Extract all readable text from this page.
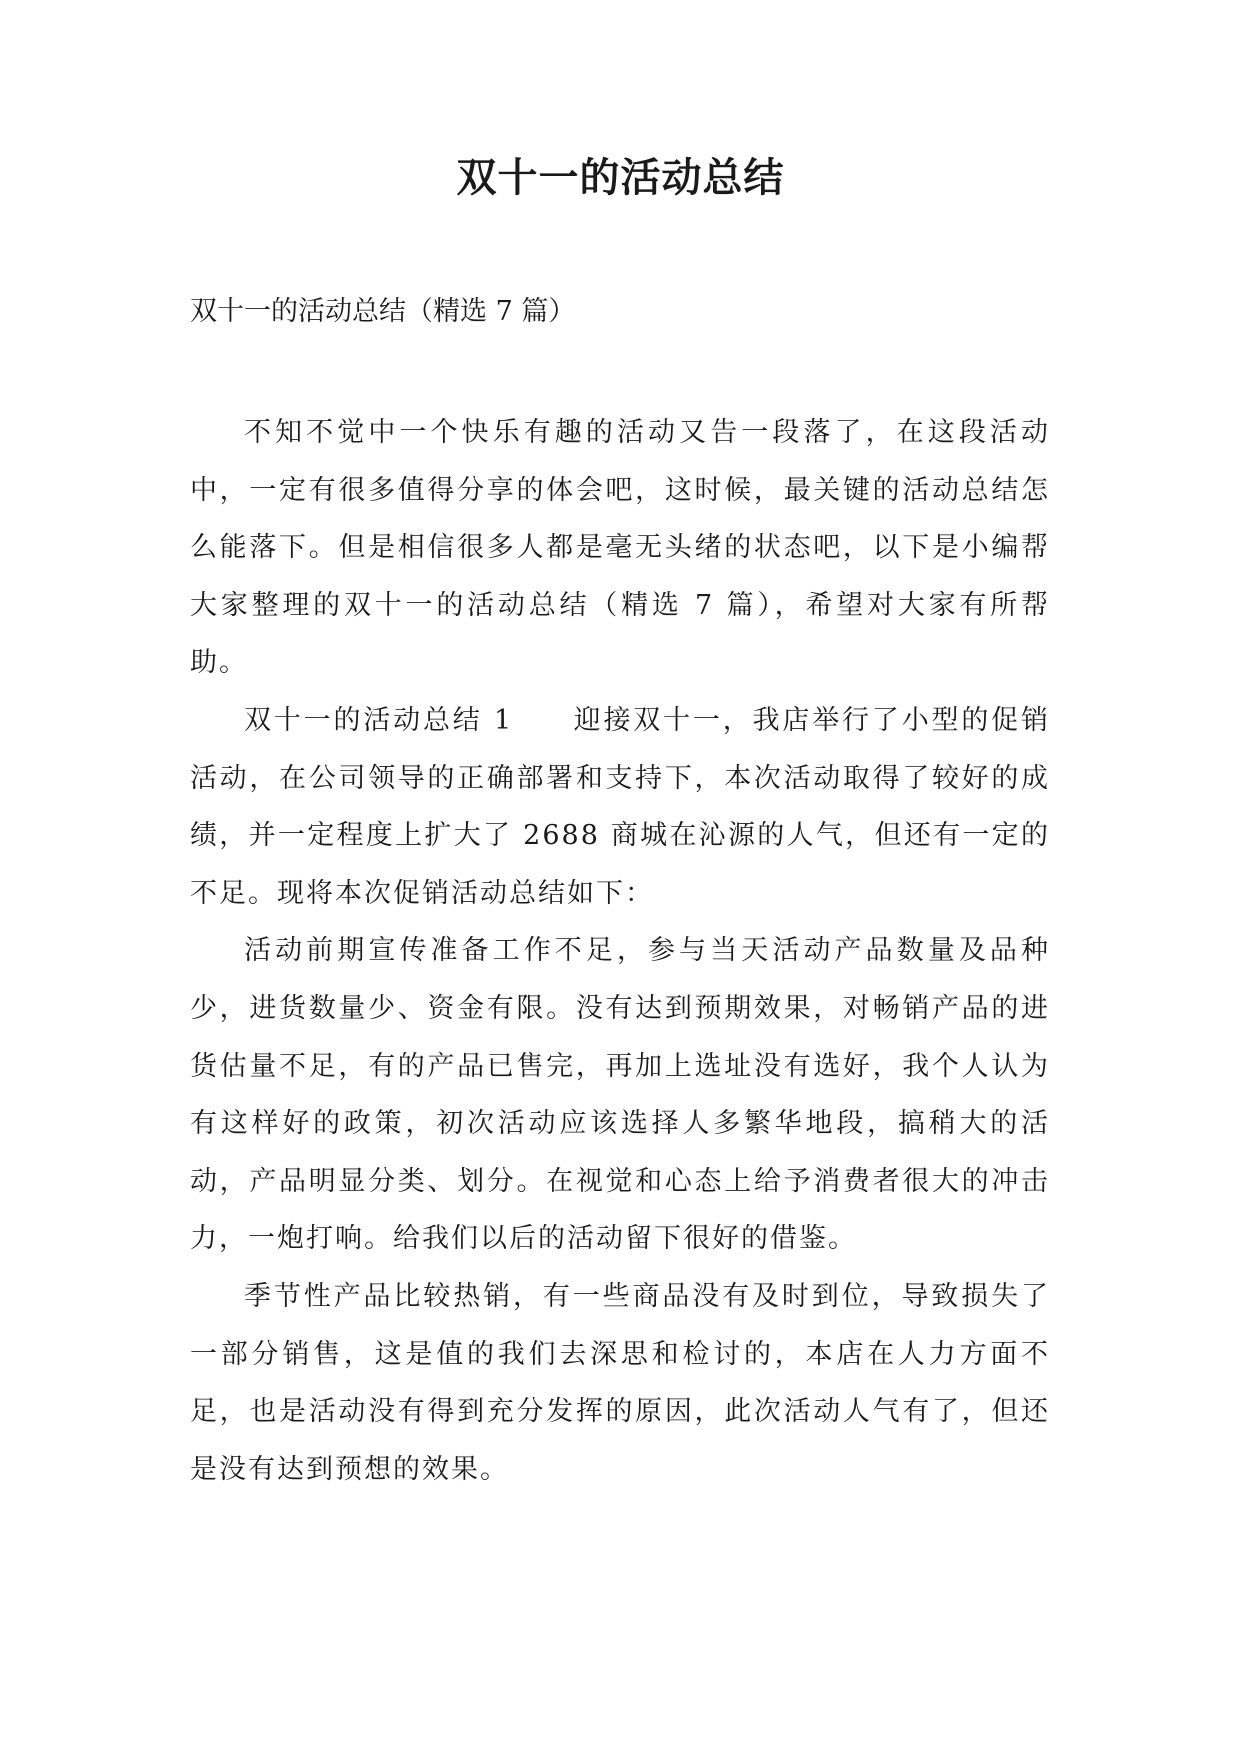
双十一的活动总结
双十一的活动总结（精选 7 篇）

不知不觉中一个快乐有趣的活动又告一段落了，在这段活动中，一定有很多值得分享的体会吧，这时候，最关键的活动总结怎么能落下。但是相信很多人都是毫无头绪的状态吧，以下是小编帮大家整理的双十一的活动总结（精选 7 篇），希望对大家有所帮助。

双十一的活动总结 1　　迎接双十一，我店举行了小型的促销活动，在公司领导的正确部署和支持下，本次活动取得了较好的成绩，并一定程度上扩大了 2688 商城在沁源的人气，但还有一定的不足。现将本次促销活动总结如下：

活动前期宣传准备工作不足，参与当天活动产品数量及品种少，进货数量少、资金有限。没有达到预期效果，对畅销产品的进货估量不足，有的产品已售完，再加上选址没有选好，我个人认为有这样好的政策，初次活动应该选择人多繁华地段，搞稍大的活动，产品明显分类、划分。在视觉和心态上给予消费者很大的冲击力，一炮打响。给我们以后的活动留下很好的借鉴。

季节性产品比较热销，有一些商品没有及时到位，导致损失了一部分销售，这是值的我们去深思和检讨的，本店在人力方面不足，也是活动没有得到充分发挥的原因，此次活动人气有了，但还是没有达到预想的效果。
